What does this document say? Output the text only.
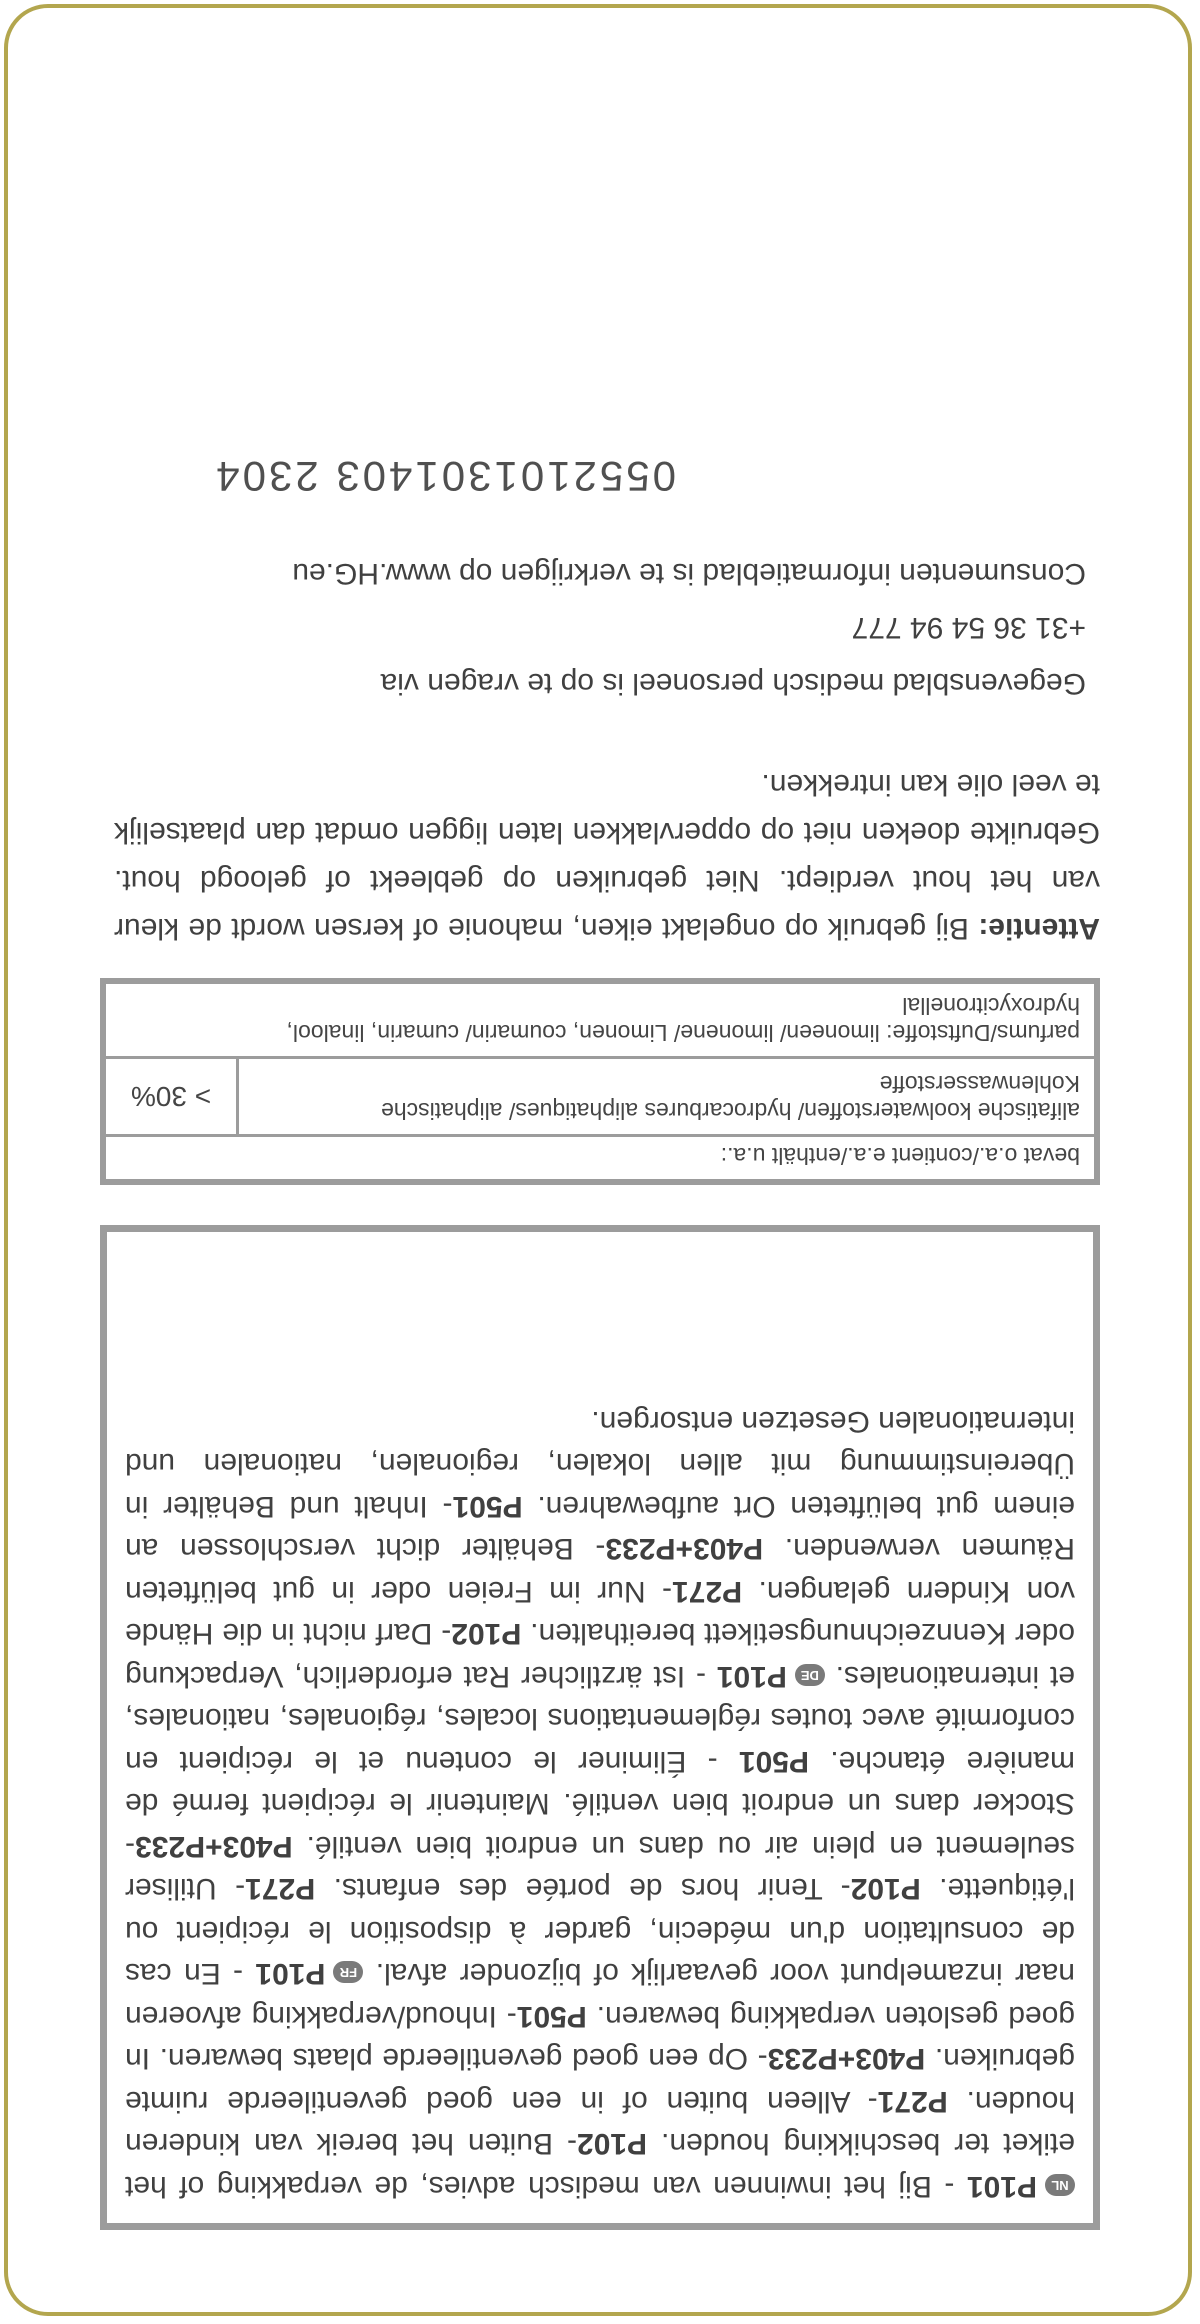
0552101301403 2304
Consumenten informatieblad is te verkrijgen op www.HG.eu
+31 36 54 94 777
Gegevensblad medisch personeel is op te vragen via
Attentie: Bij gebruik op ongelakt eiken, mahonie of kersen wordt de kleur van het hout verdiept. Niet gebruiken op gebleekt of geloogd hout. Gebruikte doeken niet op oppervlakken laten liggen omdat dan plaatselijk te veel olie kan intrekken.
bevat o.a./contient e.a./enthält u.a.:
alifatische koolwaterstoffen/ hydrocarbures aliphatiques/ aliphatische Kohlenwasserstoffe
> 30%
parfums/Duftstoffe: limoneen/ limonene/ Limonen, coumarin/ cumarin, linalool, hydroxycitronellal
NLP101 - Bij het inwinnen van medisch advies, de verpakking of het etiket ter beschikking houden. P102- Buiten het bereik van kinderen houden. P271- Alleen buiten of in een goed geventileerde ruimte gebruiken. P403+P233- Op een goed geventileerde plaats bewaren. In goed gesloten verpakking bewaren. P501- Inhoud/verpakking afvoeren naar inzamelpunt voor gevaarlijk of bijzonder afval. FRP101 - En cas de consultation d'un médecin, garder à disposition le récipient ou l'étiquette. P102- Tenir hors de portée des enfants. P271- Utiliser seulement en plein air ou dans un endroit bien ventilé. P403+P233- Stocker dans un endroit bien ventilé. Maintenir le récipient fermé de manière étanche. P501 - Éliminer le contenu et le récipient en conformité avec toutes réglementations locales, régionales, nationales, et internationales. DEP101 - Ist ärztlicher Rat erforderlich, Verpackung oder Kennzeichnungsetikett bereithalten. P102- Darf nicht in die Hände von Kindern gelangen. P271- Nur im Freien oder in gut belüfteten Räumen verwenden. P403+P233- Behälter dicht verschlossen an einem gut belüfteten Ort aufbewahren. P501- Inhalt und Behälter in Übereinstimmung mit allen lokalen, regionalen, nationalen und internationalen Gesetzen entsorgen.
